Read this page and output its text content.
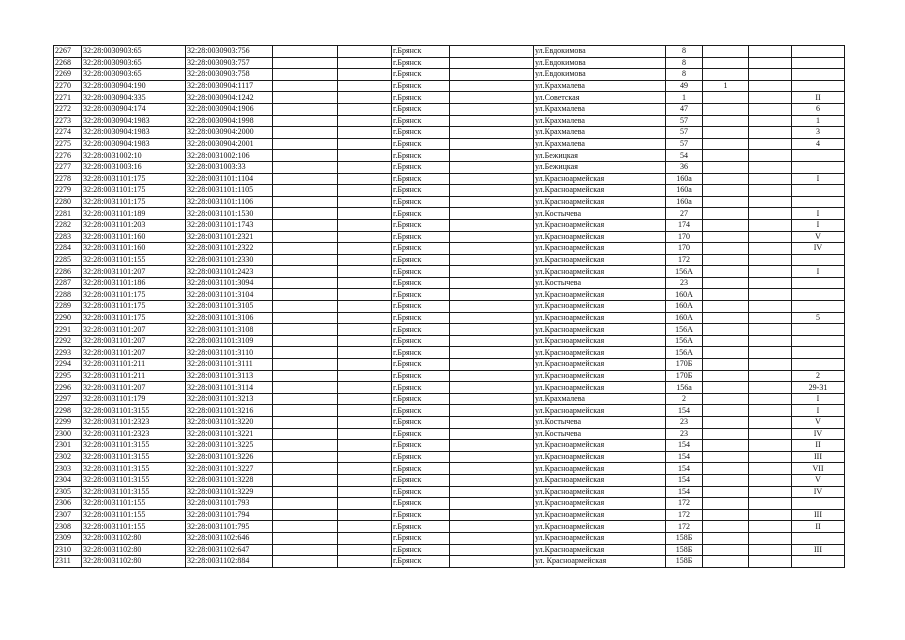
2267	32:28:0030903:65	32:28:0030903:756			г.Брянск		ул.Евдокимова	8			
2268	32:28:0030903:65	32:28:0030903:757			г.Брянск		ул.Евдокимова	8			
2269	32:28:0030903:65	32:28:0030903:758			г.Брянск		ул.Евдокимова	8			
2270	32:28:0030904:190	32:28:0030904:1117			г.Брянск		ул.Крахмалева	49	1		
2271	32:28:0030904:335	32:28:0030904:1242			г.Брянск		ул.Советская	1			II
2272	32:28:0030904:174	32:28:0030904:1906			г.Брянск		ул.Крахмалева	47			6
2273	32:28:0030904:1983	32:28:0030904:1998			г.Брянск		ул.Крахмалева	57			1
2274	32:28:0030904:1983	32:28:0030904:2000			г.Брянск		ул.Крахмалева	57			3
2275	32:28:0030904:1983	32:28:0030904:2001			г.Брянск		ул.Крахмалева	57			4
2276	32:28:0031002:10	32:28:0031002:106			г.Брянск		ул.Бежицкая	54			
2277	32:28:0031003:16	32:28:0031003:33			г.Брянск		ул.Бежицкая	36			
2278	32:28:0031101:175	32:28:0031101:1104			г.Брянск		ул.Красноармейская	160а			I
2279	32:28:0031101:175	32:28:0031101:1105			г.Брянск		ул.Красноармейская	160а			
2280	32:28:0031101:175	32:28:0031101:1106			г.Брянск		ул.Красноармейская	160а			
2281	32:28:0031101:189	32:28:0031101:1530			г.Брянск		ул.Костычева	27			I
2282	32:28:0031101:203	32:28:0031101:1743			г.Брянск		ул.Красноармейская	174			I
2283	32:28:0031101:160	32:28:0031101:2321			г.Брянск		ул.Красноармейская	170			V
2284	32:28:0031101:160	32:28:0031101:2322			г.Брянск		ул.Красноармейская	170			IV
2285	32:28:0031101:155	32:28:0031101:2330			г.Брянск		ул.Красноармейская	172			
2286	32:28:0031101:207	32:28:0031101:2423			г.Брянск		ул.Красноармейская	156А			I
2287	32:28:0031101:186	32:28:0031101:3094			г.Брянск		ул.Костычева	23			
2288	32:28:0031101:175	32:28:0031101:3104			г.Брянск		ул.Красноармейская	160А			
2289	32:28:0031101:175	32:28:0031101:3105			г.Брянск		ул.Красноармейская	160А			
2290	32:28:0031101:175	32:28:0031101:3106			г.Брянск		ул.Красноармейская	160А			5
2291	32:28:0031101:207	32:28:0031101:3108			г.Брянск		ул.Красноармейская	156А			
2292	32:28:0031101:207	32:28:0031101:3109			г.Брянск		ул.Красноармейская	156А			
2293	32:28:0031101:207	32:28:0031101:3110			г.Брянск		ул.Красноармейская	156А			
2294	32:28:0031101:211	32:28:0031101:3111			г.Брянск		ул.Красноармейская	170Б			
2295	32:28:0031101:211	32:28:0031101:3113			г.Брянск		ул.Красноармейская	170Б			2
2296	32:28:0031101:207	32:28:0031101:3114			г.Брянск		ул.Красноармейская	156а			29-31
2297	32:28:0031101:179	32:28:0031101:3213			г.Брянск		ул.Крахмалева	2			I
2298	32:28:0031101:3155	32:28:0031101:3216			г.Брянск		ул.Красноармейская	154			I
2299	32:28:0031101:2323	32:28:0031101:3220			г.Брянск		ул.Костычева	23			V
2300	32:28:0031101:2323	32:28:0031101:3221			г.Брянск		ул.Костычева	23			IV
2301	32:28:0031101:3155	32:28:0031101:3225			г.Брянск		ул.Красноармейская	154			II
2302	32:28:0031101:3155	32:28:0031101:3226			г.Брянск		ул.Красноармейская	154			III
2303	32:28:0031101:3155	32:28:0031101:3227			г.Брянск		ул.Красноармейская	154			VII
2304	32:28:0031101:3155	32:28:0031101:3228			г.Брянск		ул.Красноармейская	154			V
2305	32:28:0031101:3155	32:28:0031101:3229			г.Брянск		ул.Красноармейская	154			IV
2306	32:28:0031101:155	32:28:0031101:793			г.Брянск		ул.Красноармейская	172			
2307	32:28:0031101:155	32:28:0031101:794			г.Брянск		ул.Красноармейская	172			III
2308	32:28:0031101:155	32:28:0031101:795			г.Брянск		ул.Красноармейская	172			II
2309	32:28:0031102:80	32:28:0031102:646			г.Брянск		ул.Красноармейская	158Б			
2310	32:28:0031102:80	32:28:0031102:647			г.Брянск		ул.Красноармейская	158Б			III
2311	32:28:0031102:80	32:28:0031102:884			г.Брянск		ул. Красноармейская	158Б			
